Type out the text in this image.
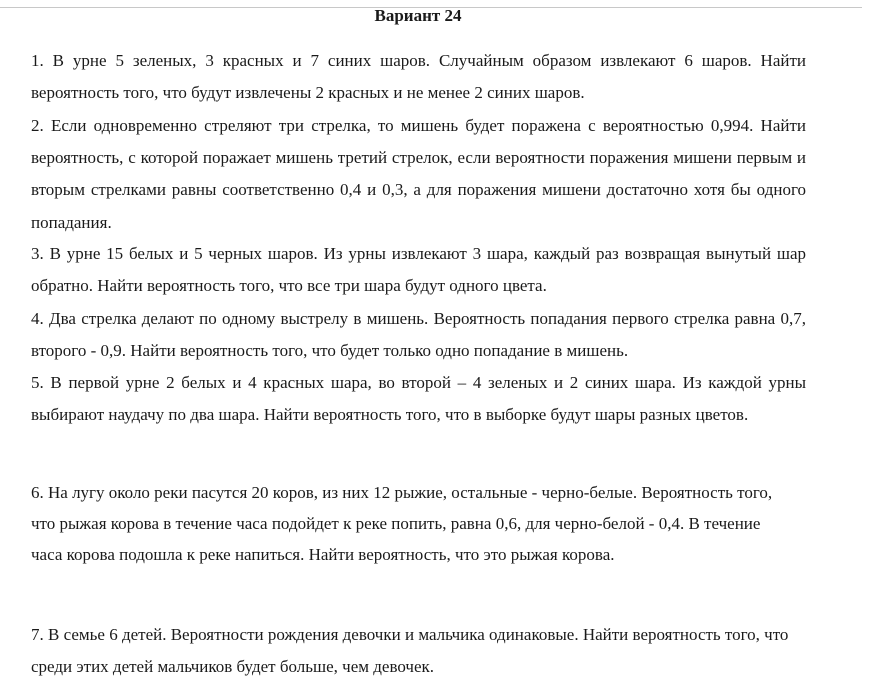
Вариант 24
1. В урне 5 зеленых, 3 красных и 7 синих шаров. Случайным образом извлекают 6 шаров. Найти вероятность того, что будут извлечены 2 красных и не менее 2 синих шаров.
2. Если одновременно стреляют три стрелка, то мишень будет поражена с вероятностью 0,994. Найти вероятность, с которой поражает мишень третий стрелок, если вероятности поражения мишени первым и вторым стрелками равны соответственно 0,4 и 0,3, а для поражения мишени достаточно хотя бы одного попадания.
3. В урне 15 белых и 5 черных шаров. Из урны извлекают 3 шара, каждый раз возвращая вынутый шар обратно. Найти вероятность того, что все три шара будут одного цвета.
4. Два стрелка делают по одному выстрелу в мишень. Вероятность попадания первого стрелка равна 0,7, второго - 0,9. Найти вероятность того, что будет только одно попадание в мишень.
5. В первой урне 2 белых и 4 красных шара, во второй – 4 зеленых и 2 синих шара. Из каждой урны выбирают наудачу по два шара. Найти вероятность того, что в выборке будут шары разных цветов.
6. На лугу около реки пасутся 20 коров, из них 12 рыжие, остальные - черно-белые. Вероятность того, что рыжая корова в течение часа подойдет к реке попить, равна 0,6, для черно-белой - 0,4. В течение часа корова подошла к реке напиться. Найти вероятность, что это рыжая корова.
7. В семье 6 детей. Вероятности рождения девочки и мальчика одинаковые. Найти вероятность того, что среди этих детей мальчиков будет больше, чем девочек.
